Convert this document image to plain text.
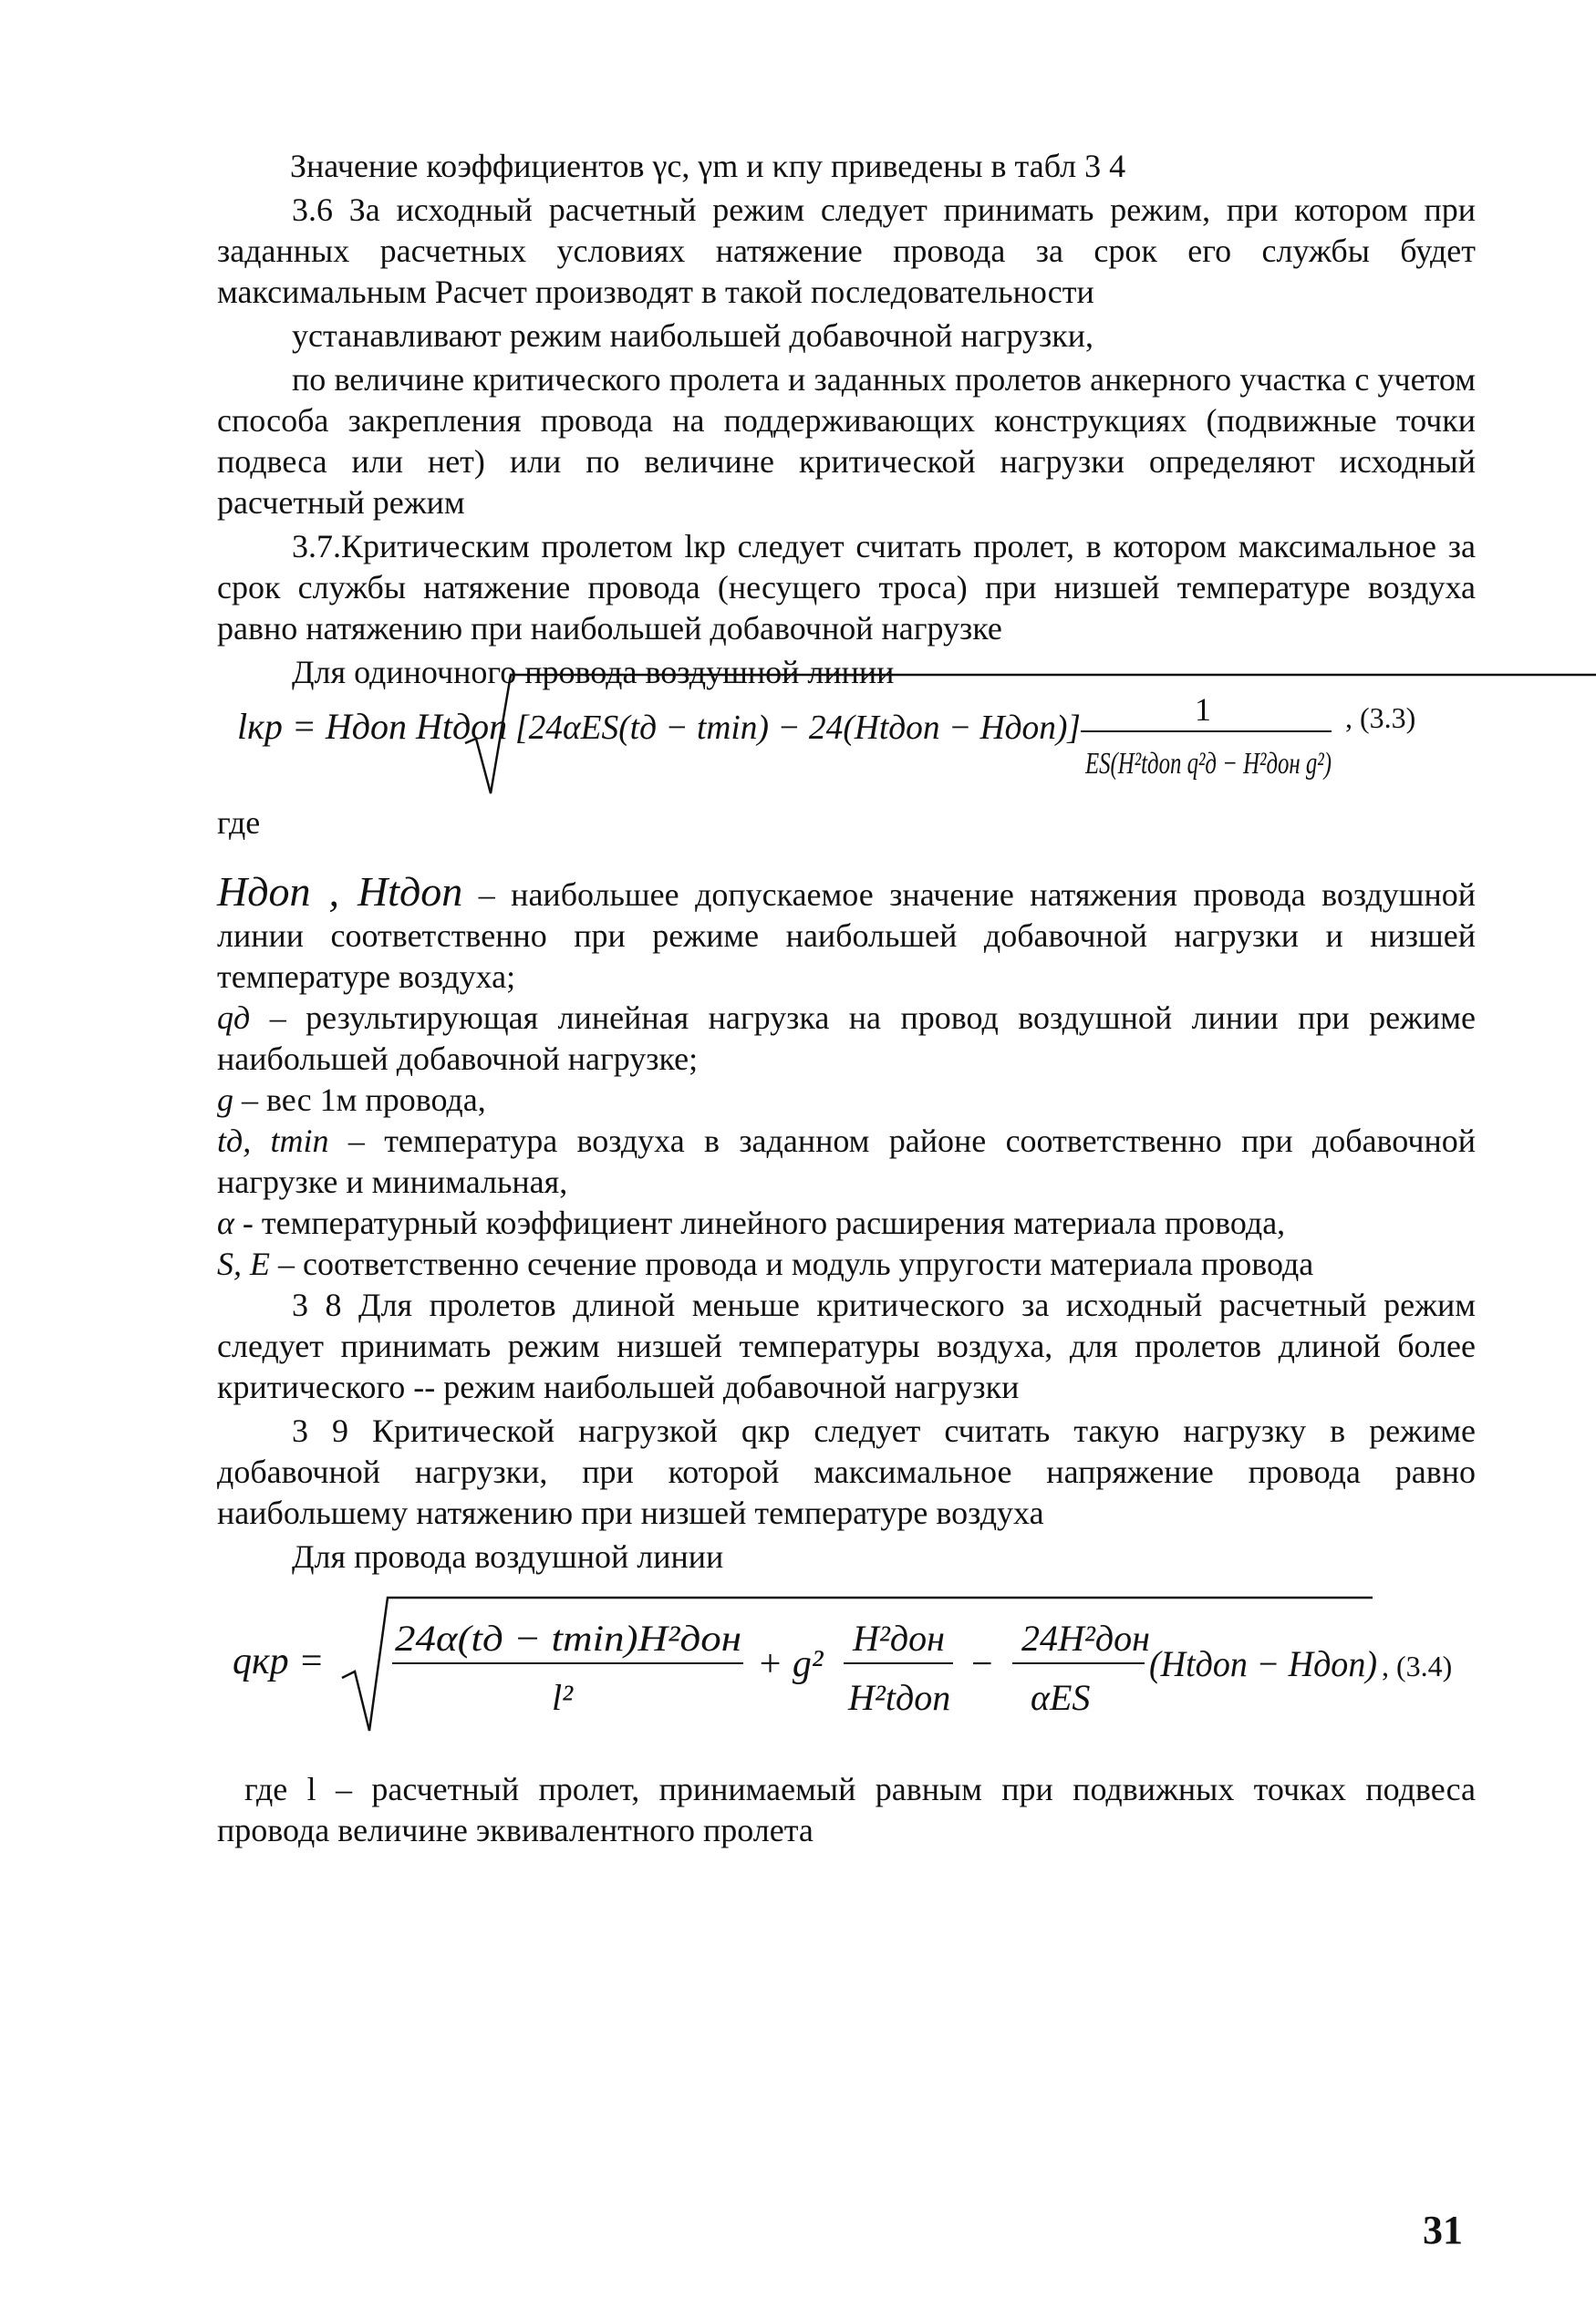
Значение коэффициентов γc, γm и κпу приведены в табл 3 4

3.6 За исходный расчетный режим следует принимать режим, при котором при заданных расчетных условиях натяжение провода за срок его службы будет максимальным Расчет производят в такой последовательности

устанавливают режим наибольшей добавочной нагрузки,

по величине критического пролета и заданных пролетов анкерного участка с учетом способа закрепления провода на поддерживающих конструкциях (подвижные точки подвеса или нет) или по величине критической нагрузки определяют исходный расчетный режим

3.7.Критическим пролетом lкр следует считать пролет, в котором максимальное за срок службы натяжение провода (несущего троса) при низшей температуре воздуха равно натяжению при наибольшей добавочной нагрузке

Для одиночного провода воздушной линии

lкр = Hдоп Htдоп [24αES(tд − tmin) − 24(Htдоп − Hдоп)]	1
ES(H²tдоп q²д − H²дон g²)
, (3.3)

где

Hдоп , Htдоп – наибольшее допускаемое значение натяжения провода воздушной линии соответственно при режиме наибольшей добавочной нагрузки и низшей температуре воздуха;

qд – результирующая линейная нагрузка на провод воздушной линии при режиме наибольшей добавочной нагрузке;

g – вес 1м провода,

tд, tmin – температура воздуха в заданном районе соответственно при добавочной нагрузке и минимальная,

α - температурный коэффициент линейного расширения материала провода,

S, E – соответственно сечение провода и модуль упругости материала провода

3 8 Для пролетов длиной меньше критического за исходный расчетный режим следует принимать режим низшей температуры воздуха, для пролетов длиной более критического -- режим наибольшей добавочной нагрузки

3 9 Критической нагрузкой qкр следует считать такую нагрузку в режиме добавочной нагрузки, при которой максимальное напряжение провода равно наибольшему натяжению при низшей температуре воздуха

Для провода воздушной линии

qкр =
24α(tд − tmin)H²дон
l²
+ g²
H²дон
H²tдоп
−
24H²дон
αES
(Htдоп − Hдоп) , (3.4)

где l – расчетный пролет, принимаемый равным при подвижных точках подвеса провода величине эквивалентного пролета

31
